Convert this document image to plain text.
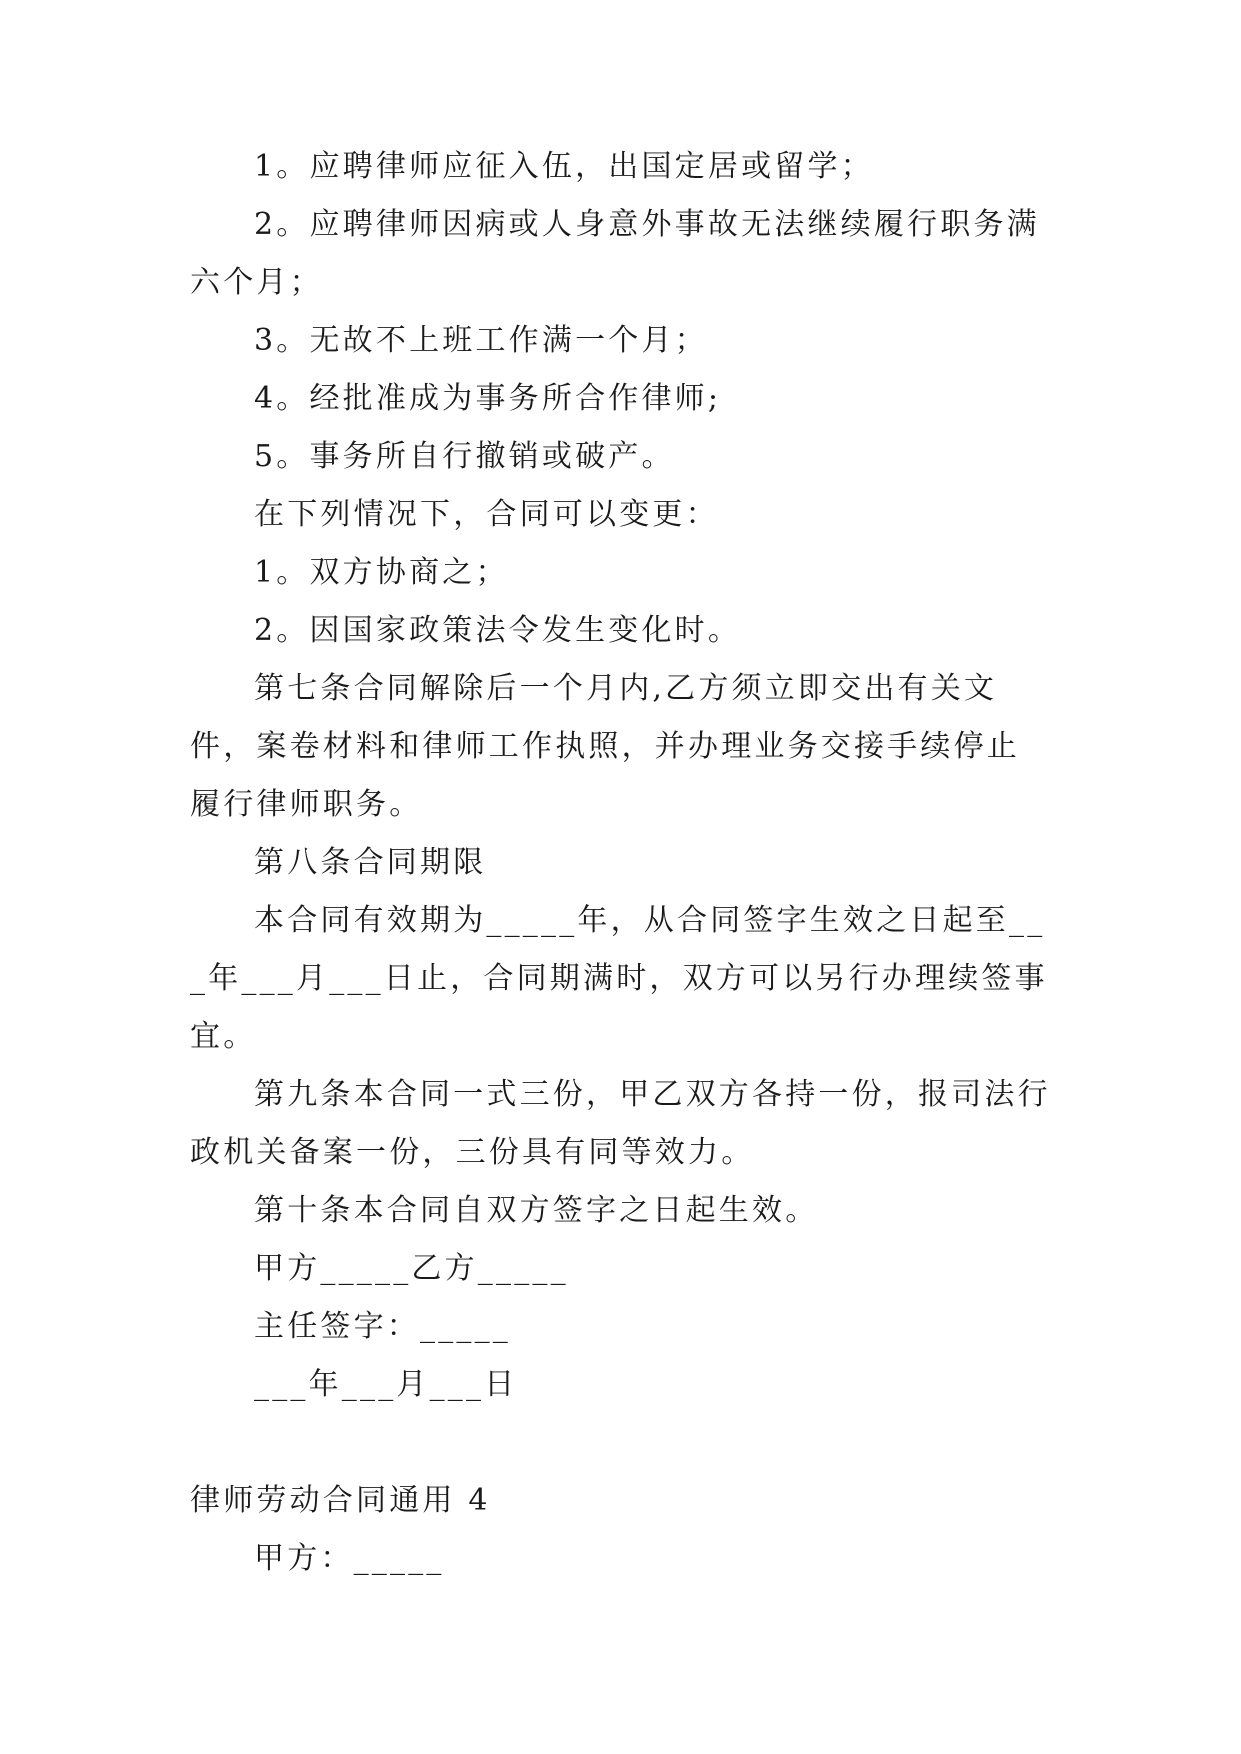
1。应聘律师应征入伍，出国定居或留学；

2。应聘律师因病或人身意外事故无法继续履行职务满六个月；

3。无故不上班工作满一个月；

4。经批准成为事务所合作律师;

5。事务所自行撤销或破产。

在下列情况下，合同可以变更：

1。双方协商之；

2。因国家政策法令发生变化时。

第七条合同解除后一个月内,乙方须立即交出有关文件，案卷材料和律师工作执照，并办理业务交接手续停止履行律师职务。

第八条合同期限

本合同有效期为_____年，从合同签字生效之日起至___年___月___日止，合同期满时，双方可以另行办理续签事宜。

第九条本合同一式三份，甲乙双方各持一份，报司法行政机关备案一份，三份具有同等效力。

第十条本合同自双方签字之日起生效。

甲方_____乙方_____

主任签字：_____

___年___月___日

律师劳动合同通用 4

甲方：_____
